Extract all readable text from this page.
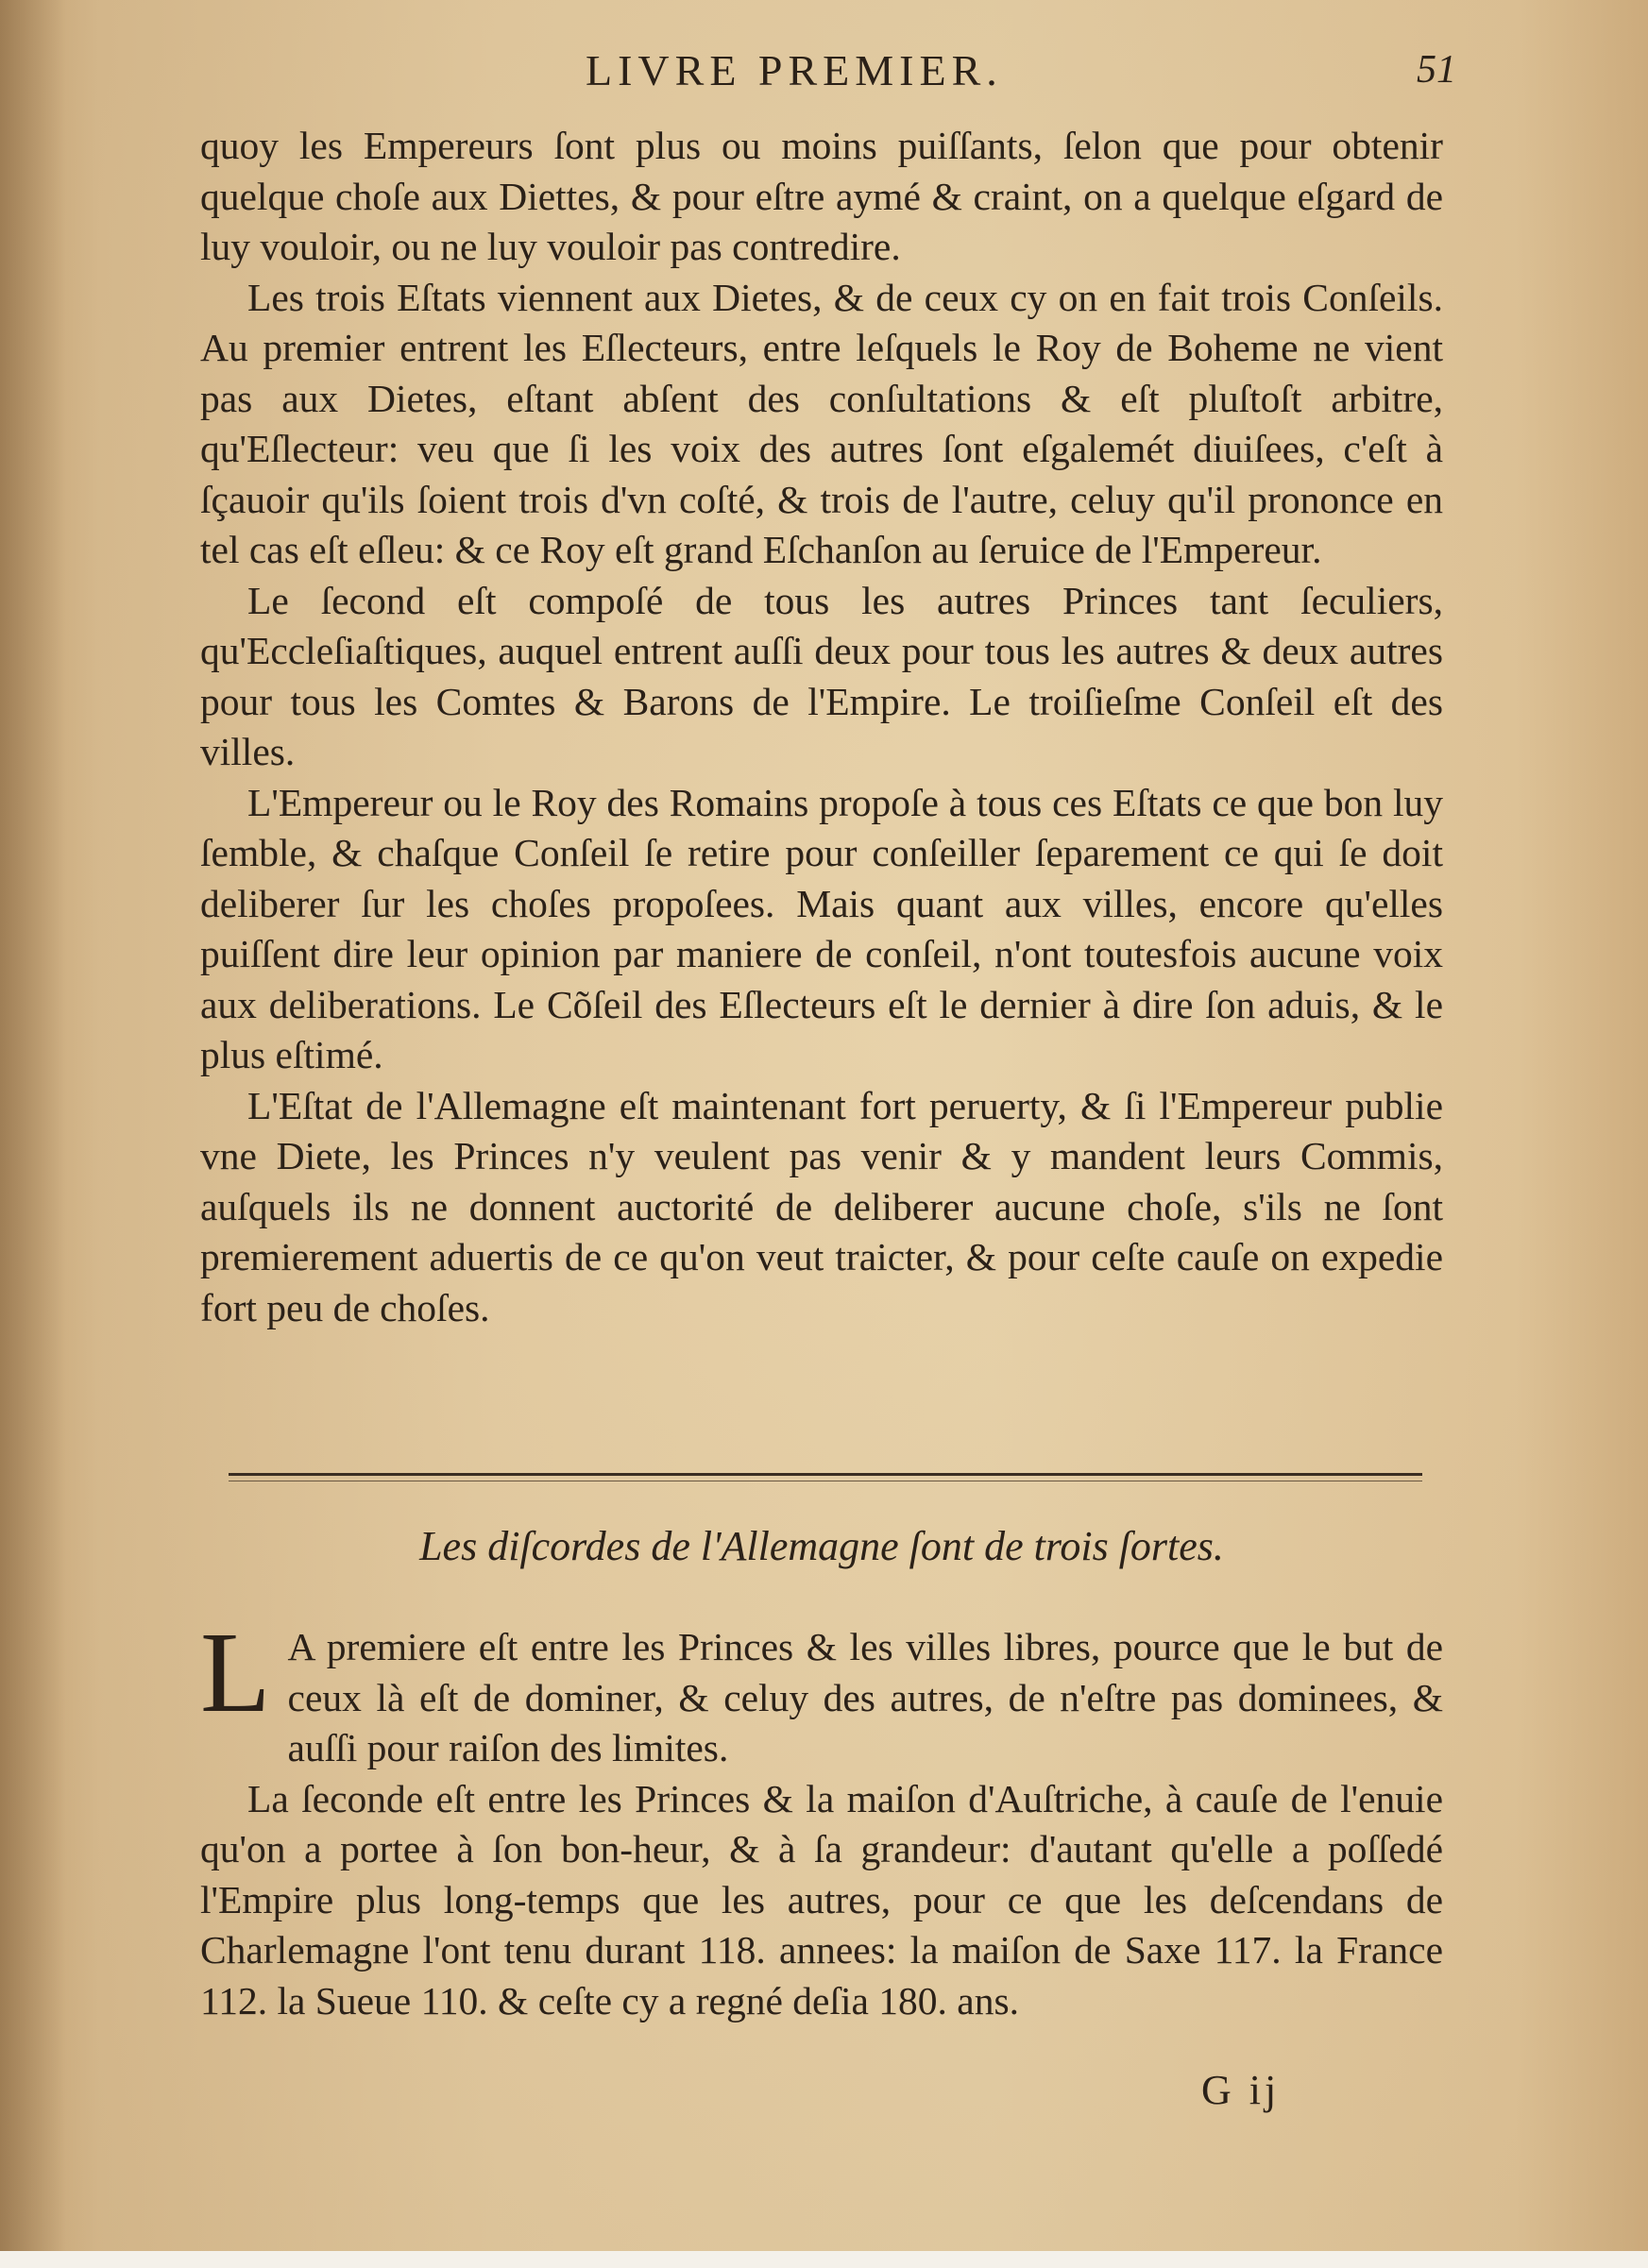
LIVRE PREMIER.	51

quoy les Empereurs ſont plus ou moins puiſſants, ſelon que pour obtenir quelque choſe aux Diettes, & pour eſtre aymé & craint, on a quelque eſgard de luy vouloir, ou ne luy vouloir pas contredire.

Les trois Eſtats viennent aux Dietes, & de ceux cy on en fait trois Conſeils. Au premier entrent les Eſlecteurs, entre leſquels le Roy de Boheme ne vient pas aux Dietes, eſtant abſent des conſultations & eſt pluſtoſt arbitre, qu'Eſlecteur: veu que ſi les voix des autres ſont eſgalemét diuiſees, c'eſt à ſçauoir qu'ils ſoient trois d'vn coſté, & trois de l'autre, celuy qu'il prononce en tel cas eſt eſleu: & ce Roy eſt grand Eſchanſon au ſeruice de l'Empereur.

Le ſecond eſt compoſé de tous les autres Princes tant ſeculiers, qu'Eccleſiaſtiques, auquel entrent auſſi deux pour tous les autres & deux autres pour tous les Comtes & Barons de l'Empire. Le troiſieſme Conſeil eſt des villes.

L'Empereur ou le Roy des Romains propoſe à tous ces Eſtats ce que bon luy ſemble, & chaſque Conſeil ſe retire pour conſeiller ſeparement ce qui ſe doit deliberer ſur les choſes propoſees. Mais quant aux villes, encore qu'elles puiſſent dire leur opinion par maniere de conſeil, n'ont toutesfois aucune voix aux deliberations. Le Cõſeil des Eſlecteurs eſt le dernier à dire ſon aduis, & le plus eſtimé.

L'Eſtat de l'Allemagne eſt maintenant fort peruerty, & ſi l'Empereur publie vne Diete, les Princes n'y veulent pas venir & y mandent leurs Commis, auſquels ils ne donnent auctorité de deliberer aucune choſe, s'ils ne ſont premierement aduertis de ce qu'on veut traicter, & pour ceſte cauſe on expedie fort peu de choſes.

Les diſcordes de l'Allemagne ſont de trois ſortes.

L A premiere eſt entre les Princes & les villes libres, pource que le but de ceux là eſt de dominer, & celuy des autres, de n'eſtre pas dominees, & auſſi pour raiſon des limites.

La ſeconde eſt entre les Princes & la maiſon d'Auſtriche, à cauſe de l'enuie qu'on a portee à ſon bon-heur, & à ſa grandeur: d'autant qu'elle a poſſedé l'Empire plus long-temps que les autres, pour ce que les deſcendans de Charlemagne l'ont tenu durant 118. annees: la maiſon de Saxe 117. la France 112. la Sueue 110. & ceſte cy a regné deſia 180. ans.

G ij
